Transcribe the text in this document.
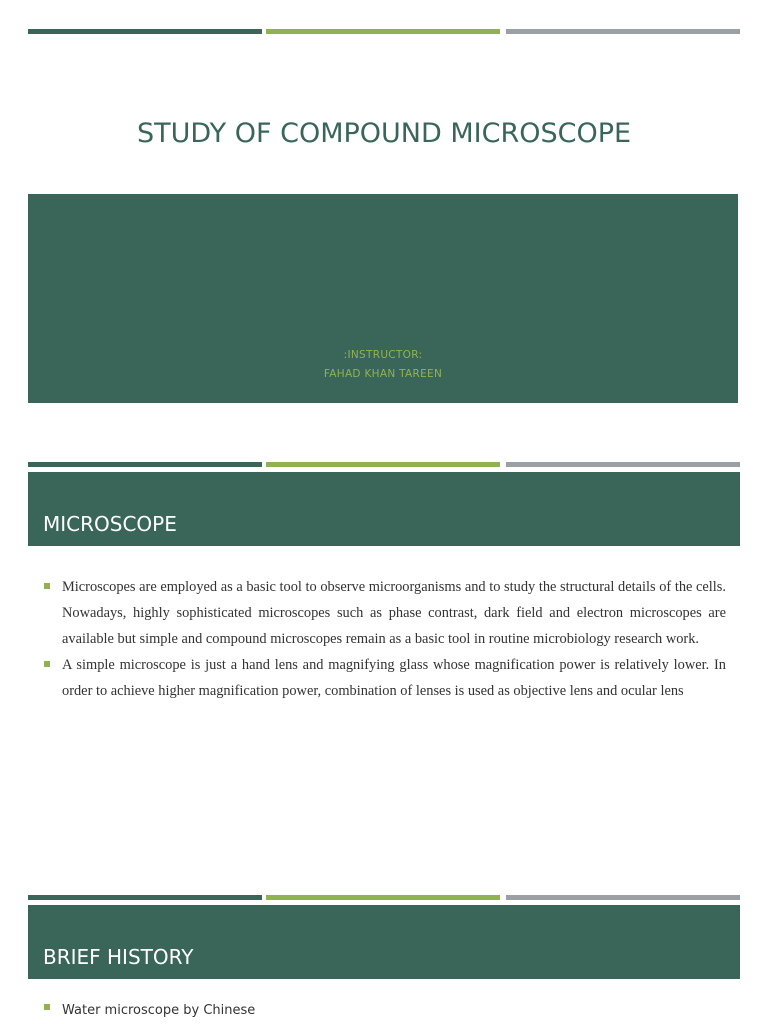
STUDY OF COMPOUND MICROSCOPE
:INSTRUCTOR:
FAHAD KHAN TAREEN
MICROSCOPE
Microscopes are employed as a basic tool to observe microorganisms and to study the structural details of the cells. Nowadays, highly sophisticated microscopes such as phase contrast, dark field and electron microscopes are available but simple and compound microscopes remain as a basic tool in routine microbiology research work.
A simple microscope is just a hand lens and magnifying glass whose magnification power is relatively lower. In order to achieve higher magnification power, combination of lenses is used as objective lens and ocular lens
BRIEF HISTORY
Water microscope by Chinese
